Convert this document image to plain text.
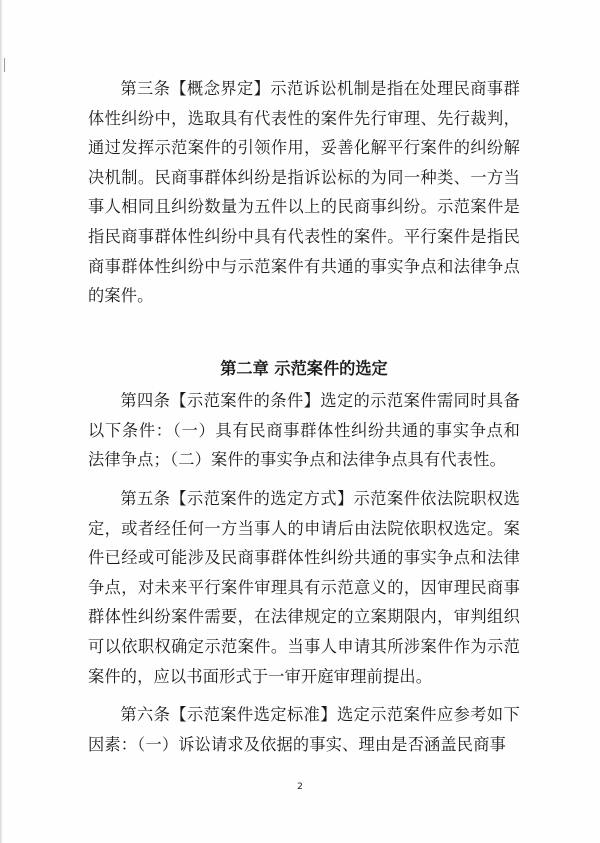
第三条【概念界定】示范诉讼机制是指在处理民商事群体性纠纷中，选取具有代表性的案件先行审理、先行裁判，通过发挥示范案件的引领作用，妥善化解平行案件的纠纷解决机制。民商事群体纠纷是指诉讼标的为同一种类、一方当事人相同且纠纷数量为五件以上的民商事纠纷。示范案件是指民商事群体性纠纷中具有代表性的案件。平行案件是指民商事群体性纠纷中与示范案件有共通的事实争点和法律争点的案件。

第二章 示范案件的选定

第四条【示范案件的条件】选定的示范案件需同时具备以下条件：（一）具有民商事群体性纠纷共通的事实争点和法律争点；（二）案件的事实争点和法律争点具有代表性。

第五条【示范案件的选定方式】示范案件依法院职权选定，或者经任何一方当事人的申请后由法院依职权选定。案件已经或可能涉及民商事群体性纠纷共通的事实争点和法律争点，对未来平行案件审理具有示范意义的，因审理民商事群体性纠纷案件需要，在法律规定的立案期限内，审判组织可以依职权确定示范案件。当事人申请其所涉案件作为示范案件的，应以书面形式于一审开庭审理前提出。

第六条【示范案件选定标准】选定示范案件应参考如下因素：（一）诉讼请求及依据的事实、理由是否涵盖民商事

2
